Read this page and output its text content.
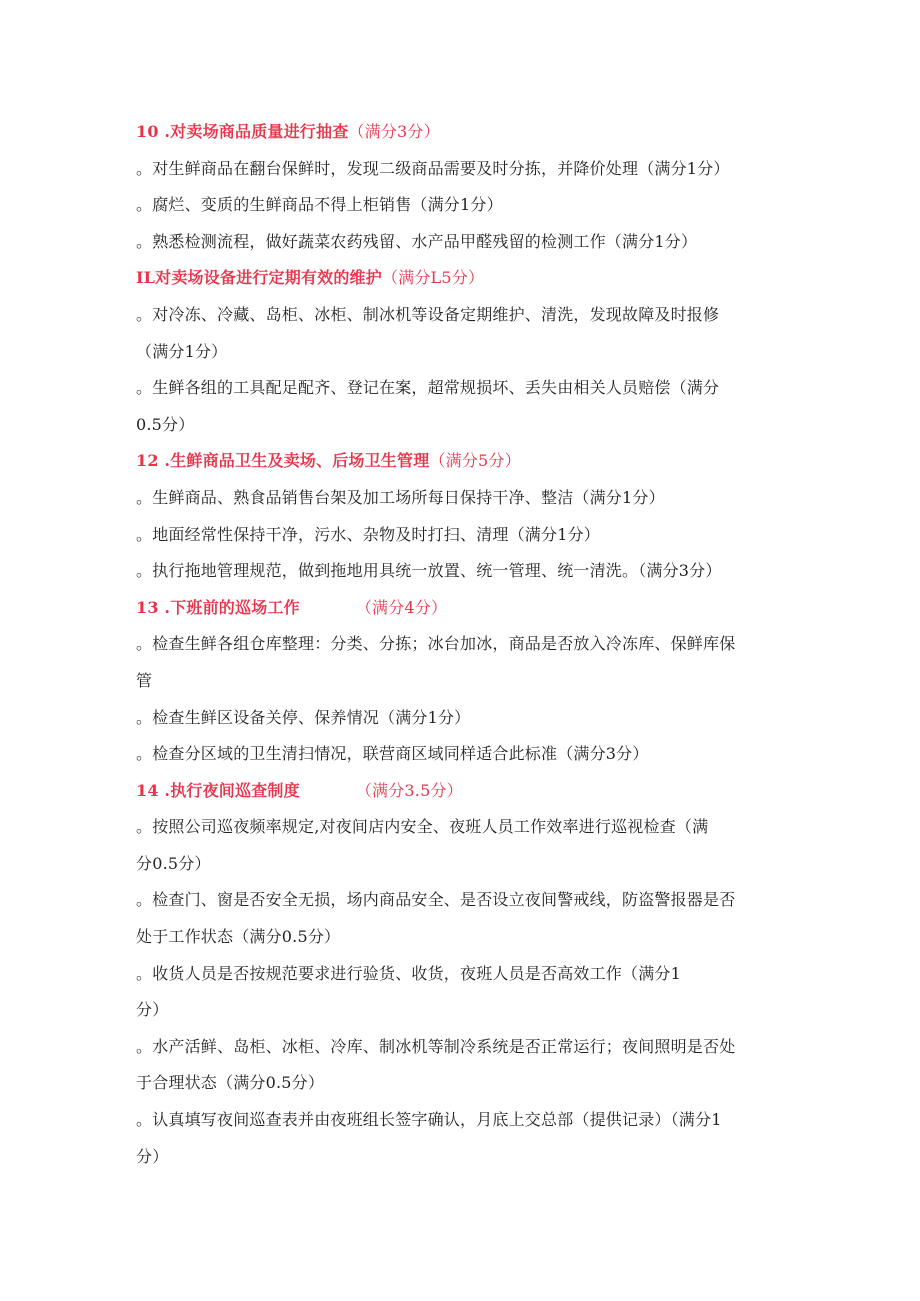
10 .对卖场商品质量进行抽查（满分3分）
。对生鲜商品在翻台保鲜时，发现二级商品需要及时分拣，并降价处理（满分1分）
。腐烂、变质的生鲜商品不得上柜销售（满分1分）
。熟悉检测流程，做好蔬菜农药残留、水产品甲醛残留的检测工作（满分1分）
IL对卖场设备进行定期有效的维护（满分L5分）
。对冷冻、冷藏、岛柜、冰柜、制冰机等设备定期维护、清洗，发现故障及时报修
（满分1分）
。生鲜各组的工具配足配齐、登记在案，超常规损坏、丢失由相关人员赔偿（满分
0.5分）
12 .生鲜商品卫生及卖场、后场卫生管理（满分5分）
。生鲜商品、熟食品销售台架及加工场所每日保持干净、整洁（满分1分）
。地面经常性保持干净，污水、杂物及时打扫、清理（满分1分）
。执行拖地管理规范，做到拖地用具统一放置、统一管理、统一清洗。（满分3分）
13 .下班前的巡场工作	（满分4分）
。检查生鲜各组仓库整理：分类、分拣；冰台加冰，商品是否放入冷冻库、保鲜库保
管
。检查生鲜区设备关停、保养情况（满分1分）
。检查分区域的卫生清扫情况，联营商区域同样适合此标准（满分3分）
14 .执行夜间巡查制度	（满分3.5分）
。按照公司巡夜频率规定,对夜间店内安全、夜班人员工作效率进行巡视检查（满
分0.5分）
。检查门、窗是否安全无损，场内商品安全、是否设立夜间警戒线，防盗警报器是否
处于工作状态（满分0.5分）
。收货人员是否按规范要求进行验货、收货，夜班人员是否高效工作（满分1
分）
。水产活鲜、岛柜、冰柜、冷库、制冰机等制冷系统是否正常运行；夜间照明是否处
于合理状态（满分0.5分）
。认真填写夜间巡查表并由夜班组长签字确认，月底上交总部（提供记录）（满分1
分）
